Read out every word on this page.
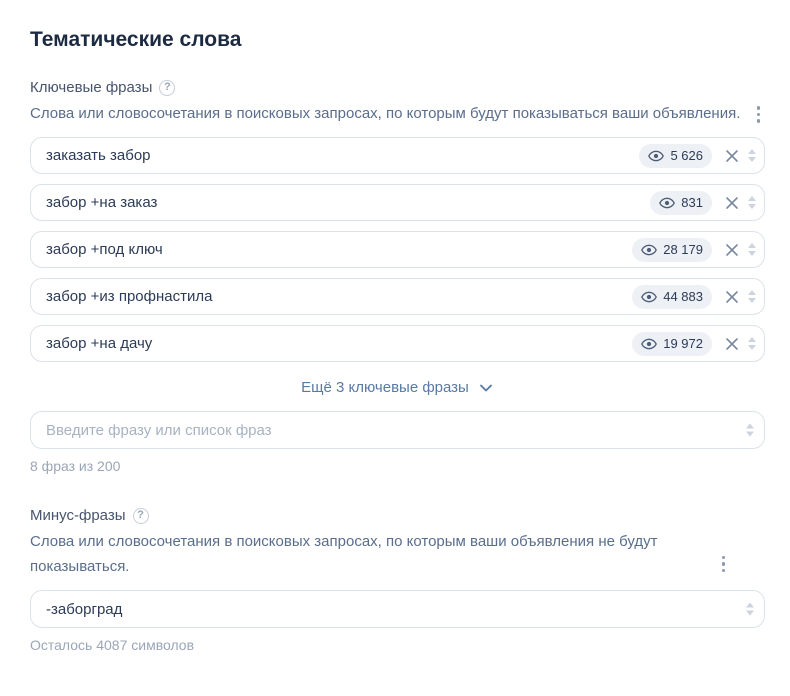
Тематические слова
Ключевые фразы	?

Слова или словосочетания в поисковых запросах, по которым будут показываться ваши объявления.

заказать забор	5 626
забор +на заказ	831
забор +под ключ	28 179
забор +из профнастила	44 883
забор +на дачу	19 972
Ещё 3 ключевые фразы
Введите фразу или список фраз

8 фраз из 200

Минус-фразы	?

Слова или словосочетания в поисковых запросах, по которым ваши объявления не будут показываться.

-заборград

Осталось 4087 символов
